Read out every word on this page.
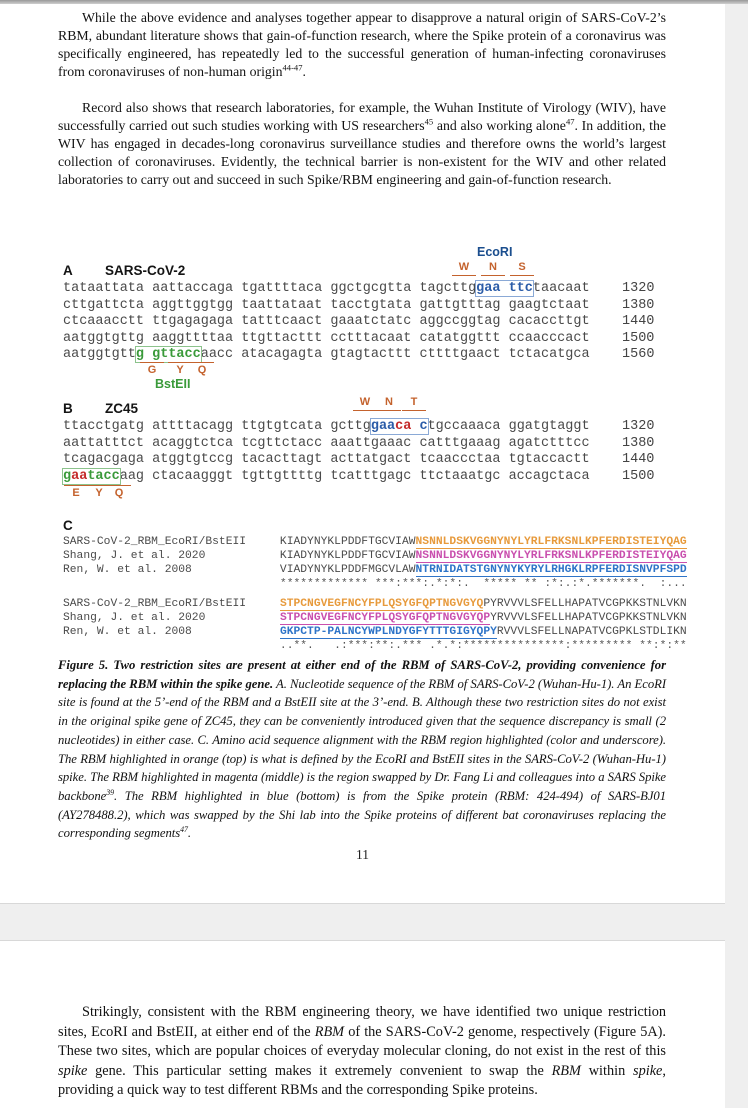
While the above evidence and analyses together appear to disapprove a natural origin of SARS-CoV-2’s RBM, abundant literature shows that gain-of-function research, where the Spike protein of a coronavirus was specifically engineered, has repeatedly led to the successful generation of human-infecting coronaviruses from coronaviruses of non-human origin$^{44-47}$.
Record also shows that research laboratories, for example, the Wuhan Institute of Virology (WIV), have successfully carried out such studies working with US researchers$^{45}$ and also working alone$^{47}$. In addition, the WIV has engaged in decades-long coronavirus surveillance studies and therefore owns the world’s largest collection of coronaviruses. Evidently, the technical barrier is non-existent for the WIV and other related laboratories to carry out and succeed in such Spike/RBM engineering and gain-of-function research.
EcoRI
W	N	S
A SARS-CoV-2
tataattata aattaccaga tgattttaca ggctgcgtta tagcttggaa ttctaacaat 1320
cttgattcta aggttggtgg taattataat tacctgtata gattgtttag gaagtctaat 1380
ctcaaacctt ttgagagaga tatttcaact gaaatctatc aggccggtag cacaccttgt 1440
aatggtgttg aaggttttaa ttgttacttt cctttacaat catatggttt ccaacccact 1500
aatggtgttg gttaccaacc atacagagta gtagtacttt cttttgaact tctacatgca 1560
G	Y	Q
BstEII
W	N	T
B ZC45
ttacctgatg attttacagg ttgtgtcata gcttggaaca ctgccaaaca ggatgtaggt 1320
aattatttct acaggtctca tcgttctacc aaattgaaac catttgaaag agatctttcc 1380
tcagacgaga atggtgtccg tacacttagt acttatgact tcaaccctaa tgtaccactt 1440
gaataccaag ctacaagggt tgttgttttg tcatttgagc ttctaaatgc accagctaca 1500
E	Y	Q
C
SARS-CoV-2_RBM_EcoRI/BstEII     KIADYNYKLPDDFTGCVIAWNSNNLDSKVGGNYNYLYRLFRKSNLKPFERDISTEIYQAG
Shang, J. et al. 2020           KIADYNYKLPDDFTGCVIAWNSNNLDSKVGGNYNYLYRLFRKSNLKPFERDISTEIYQAG
Ren, W. et al. 2008             VIADYNYKLPDDFMGCVLAWNTRNIDATSTGNYNYKYRYLRHGKLRPFERDISNVPFSPD
************* ***:***:.*:*:.  ***** ** :*:.:*.*******.  :...
SARS-CoV-2_RBM_EcoRI/BstEII     STPCNGVEGFNCYFPLQSYGFQPTNGVGYQPYRVVVLSFELLHAPATVCGPKKSTNLVKN
Shang, J. et al. 2020           STPCNGVEGFNCYFPLQSYGFQPTNGVGYQPYRVVVLSFELLHAPATVCGPKKSTNLVKN
Ren, W. et al. 2008             GKPCTP-PALNCYWPLNDYGFYTTTGIGYQPYRVVVLSFELLNAPATVCGPKLSTDLIKN
..**.   .:***:**:.*** .*.*:***************:********* **:*:**
Figure 5. Two restriction sites are present at either end of the RBM of SARS-CoV-2, providing convenience for replacing the RBM within the spike gene. A. Nucleotide sequence of the RBM of SARS-CoV-2 (Wuhan-Hu-1). An EcoRI site is found at the 5’-end of the RBM and a BstEII site at the 3’-end. B. Although these two restriction sites do not exist in the original spike gene of ZC45, they can be conveniently introduced given that the sequence discrepancy is small (2 nucleotides) in either case. C. Amino acid sequence alignment with the RBM region highlighted (color and underscore). The RBM highlighted in orange (top) is what is defined by the EcoRI and BstEII sites in the SARS-CoV-2 (Wuhan-Hu-1) spike. The RBM highlighted in magenta (middle) is the region swapped by Dr. Fang Li and colleagues into a SARS Spike backbone$^{39}$. The RBM highlighted in blue (bottom) is from the Spike protein (RBM: 424-494) of SARS-BJ01 (AY278488.2), which was swapped by the Shi lab into the Spike proteins of different bat coronaviruses replacing the corresponding segments$^{47}$.
11
Strikingly, consistent with the RBM engineering theory, we have identified two unique restriction sites, EcoRI and BstEII, at either end of the RBM of the SARS-CoV-2 genome, respectively (Figure 5A). These two sites, which are popular choices of everyday molecular cloning, do not exist in the rest of this spike gene. This particular setting makes it extremely convenient to swap the RBM within spike, providing a quick way to test different RBMs and the corresponding Spike proteins.
